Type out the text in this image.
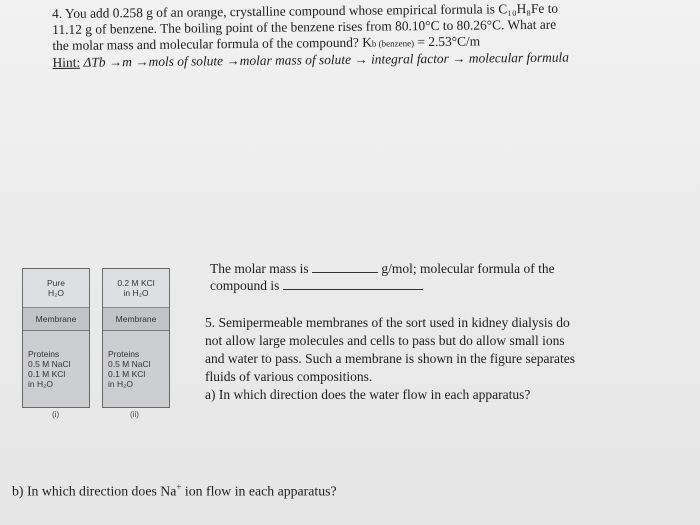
4. You add 0.258 g of an orange, crystalline compound whose empirical formula is C₁₀H₈Fe to
11.12 g of benzene. The boiling point of the benzene rises from 80.10°C to 80.26°C. What are
the molar mass and molecular formula of the compound? Kb (benzene) = 2.53°C/m
Hint: ΔTb →m →mols of solute →molar mass of solute → integral factor → molecular formula
The molar mass is	g/mol; molecular formula of the
compound is
Pure
H₂O
Membrane
Proteins
0.5 M NaCl
0.1 M KCl
in H₂O
(i)
0.2 M KCl
in H₂O
Membrane
Proteins
0.5 M NaCl
0.1 M KCl
in H₂O
(ii)
5. Semipermeable membranes of the sort used in kidney dialysis do
not allow large molecules and cells to pass but do allow small ions
and water to pass. Such a membrane is shown in the figure separates
fluids of various compositions.
a) In which direction does the water flow in each apparatus?
b) In which direction does Na+ ion flow in each apparatus?
